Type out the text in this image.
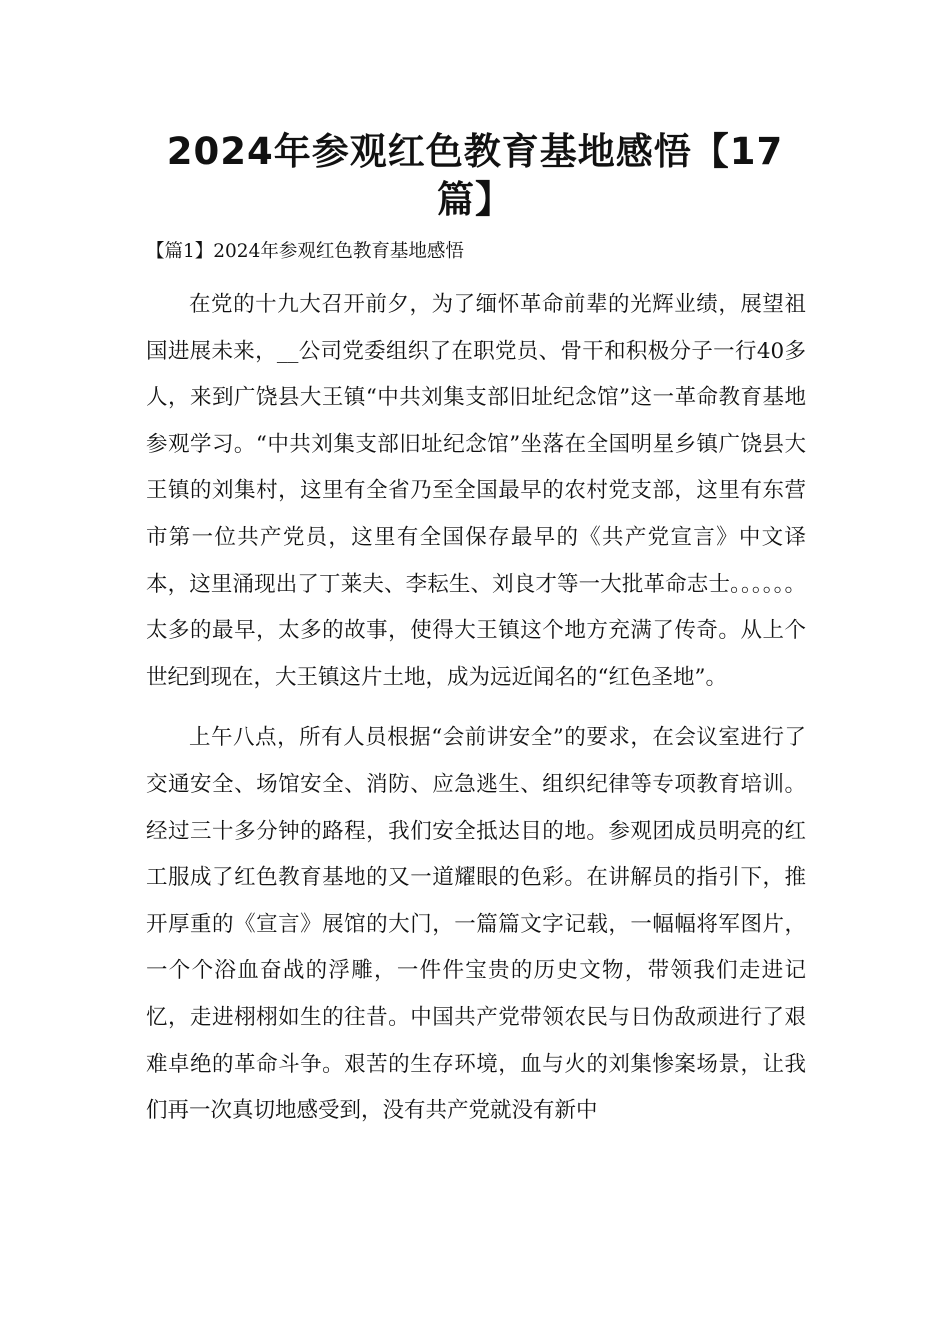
2024年参观红色教育基地感悟【17篇】

【篇1】2024年参观红色教育基地感悟

在党的十九大召开前夕，为了缅怀革命前辈的光辉业绩，展望祖国进展未来，__公司党委组织了在职党员、骨干和积极分子一行40多人，来到广饶县大王镇“中共刘集支部旧址纪念馆”这一革命教育基地参观学习。“中共刘集支部旧址纪念馆”坐落在全国明星乡镇广饶县大王镇的刘集村，这里有全省乃至全国最早的农村党支部，这里有东营市第一位共产党员，这里有全国保存最早的《共产党宣言》中文译本，这里涌现出了丁莱夫、李耘生、刘良才等一大批革命志士。。。。。。太多的最早，太多的故事，使得大王镇这个地方充满了传奇。从上个世纪到现在，大王镇这片土地，成为远近闻名的“红色圣地”。

上午八点，所有人员根据“会前讲安全”的要求，在会议室进行了交通安全、场馆安全、消防、应急逃生、组织纪律等专项教育培训。经过三十多分钟的路程，我们安全抵达目的地。参观团成员明亮的红工服成了红色教育基地的又一道耀眼的色彩。在讲解员的指引下，推开厚重的《宣言》展馆的大门，一篇篇文字记载，一幅幅将军图片，一个个浴血奋战的浮雕，一件件宝贵的历史文物，带领我们走进记忆，走进栩栩如生的往昔。中国共产党带领农民与日伪敌顽进行了艰难卓绝的革命斗争。艰苦的生存环境，血与火的刘集惨案场景，让我们再一次真切地感受到，没有共产党就没有新中
